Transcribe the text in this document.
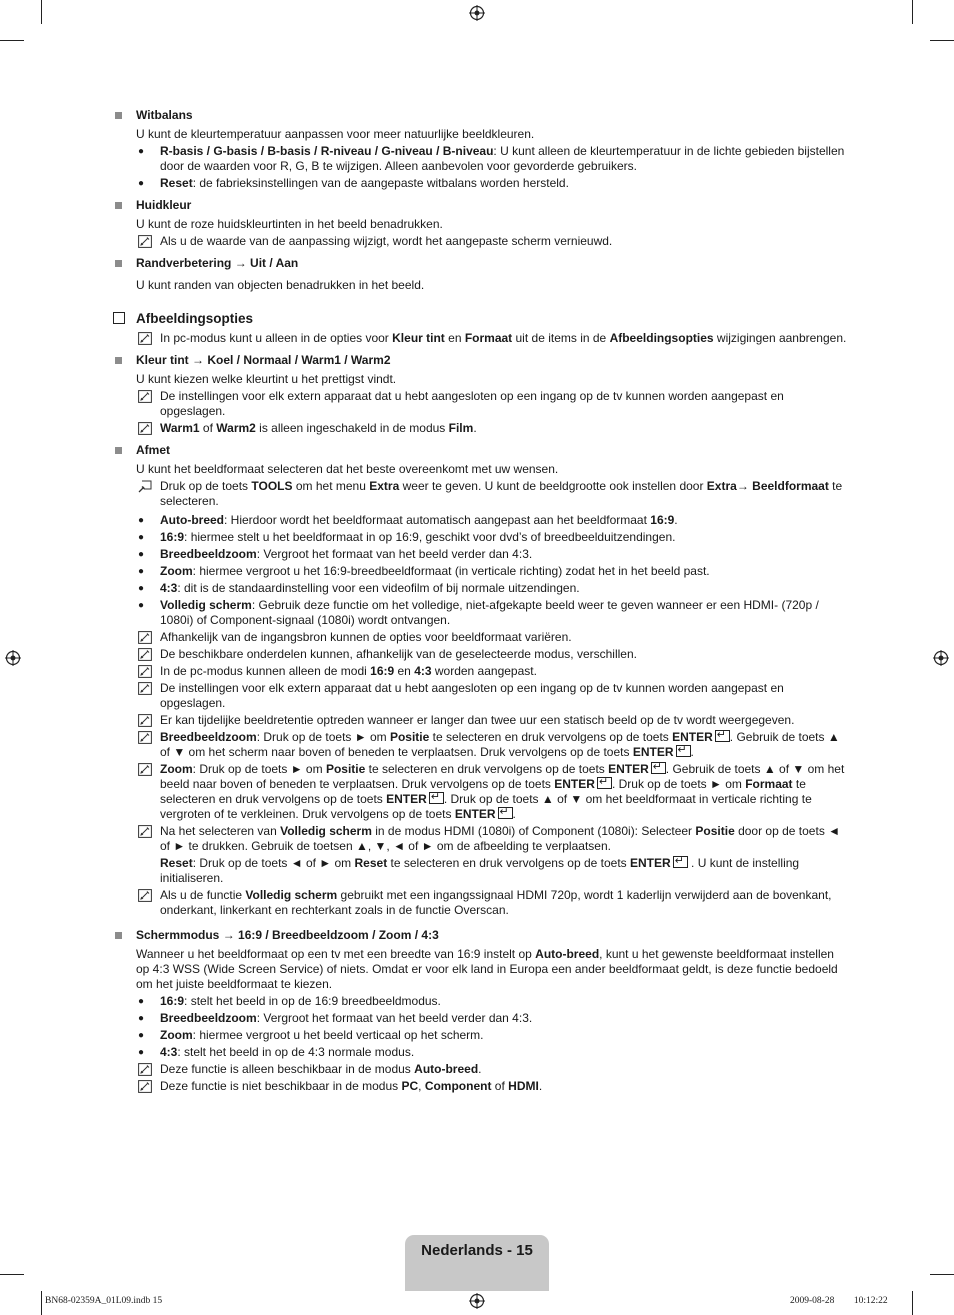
Witbalans
U kunt de kleurtemperatuur aanpassen voor meer natuurlijke beeldkleuren.
● R-basis / G-basis / B-basis / R-niveau / G-niveau / B-niveau: U kunt alleen de kleurtemperatuur in de lichte gebieden bijstellen door de waarden voor R, G, B te wijzigen. Alleen aanbevolen voor gevorderde gebruikers.
● Reset: de fabrieksinstellingen van de aangepaste witbalans worden hersteld.
Huidkleur
U kunt de roze huidskleurtinten in het beeld benadrukken.
Als u de waarde van de aanpassing wijzigt, wordt het aangepaste scherm vernieuwd.
Randverbetering → Uit / Aan
U kunt randen van objecten benadrukken in het beeld.
Afbeeldingsopties
In pc-modus kunt u alleen in de opties voor Kleur tint en Formaat uit de items in de Afbeeldingsopties wijzigingen aanbrengen.
Kleur tint → Koel / Normaal / Warm1 / Warm2
U kunt kiezen welke kleurtint u het prettigst vindt.
De instellingen voor elk extern apparaat dat u hebt aangesloten op een ingang op de tv kunnen worden aangepast en opgeslagen.
Warm1 of Warm2 is alleen ingeschakeld in de modus Film.
Afmet
U kunt het beeldformaat selecteren dat het beste overeenkomt met uw wensen.
Druk op de toets TOOLS om het menu Extra weer te geven. U kunt de beeldgrootte ook instellen door Extra→ Beeldformaat te selecteren.
● Auto-breed: Hierdoor wordt het beeldformaat automatisch aangepast aan het beeldformaat 16:9.
● 16:9: hiermee stelt u het beeldformaat in op 16:9, geschikt voor dvd’s of breedbeelduitzendingen.
● Breedbeeldzoom: Vergroot het formaat van het beeld verder dan 4:3.
● Zoom: hiermee vergroot u het 16:9-breedbeeldformaat (in verticale richting) zodat het in het beeld past.
● 4:3: dit is de standaardinstelling voor een videofilm of bij normale uitzendingen.
● Volledig scherm: Gebruik deze functie om het volledige, niet-afgekapte beeld weer te geven wanneer er een HDMI- (720p / 1080i) of Component-signaal (1080i) wordt ontvangen.
Afhankelijk van de ingangsbron kunnen de opties voor beeldformaat variëren.
De beschikbare onderdelen kunnen, afhankelijk van de geselecteerde modus, verschillen.
In de pc-modus kunnen alleen de modi 16:9 en 4:3 worden aangepast.
De instellingen voor elk extern apparaat dat u hebt aangesloten op een ingang op de tv kunnen worden aangepast en opgeslagen.
Er kan tijdelijke beeldretentie optreden wanneer er langer dan twee uur een statisch beeld op de tv wordt weergegeven.
Breedbeeldzoom: Druk op de toets ► om Positie te selecteren en druk vervolgens op de toets ENTER ↵ . Gebruik de toets ▲ of ▼ om het scherm naar boven of beneden te verplaatsen. Druk vervolgens op de toets ENTER ↵ .
Zoom: Druk op de toets ► om Positie te selecteren en druk vervolgens op de toets ENTER ↵ . Gebruik de toets ▲ of ▼ om het beeld naar boven of beneden te verplaatsen. Druk vervolgens op de toets ENTER ↵ . Druk op de toets ► om Formaat te selecteren en druk vervolgens op de toets ENTER ↵ . Druk op de toets ▲ of ▼ om het beeldformaat in verticale richting te vergroten of te verkleinen. Druk vervolgens op de toets ENTER ↵ .
Na het selecteren van Volledig scherm in de modus HDMI (1080i) of Component (1080i): Selecteer Positie door op de toets ◄ of ► te drukken. Gebruik de toetsen ▲, ▼, ◄ of ► om de afbeelding te verplaatsen.
Reset: Druk op de toets ◄ of ► om Reset te selecteren en druk vervolgens op de toets ENTER↵ . U kunt de instelling initialiseren.
Als u de functie Volledig scherm gebruikt met een ingangssignaal HDMI 720p, wordt 1 kaderlijn verwijderd aan de bovenkant, onderkant, linkerkant en rechterkant zoals in de functie Overscan.
Schermmodus → 16:9 / Breedbeeldzoom / Zoom / 4:3
Wanneer u het beeldformaat op een tv met een breedte van 16:9 instelt op Auto-breed, kunt u het gewenste beeldformaat instellen op 4:3 WSS (Wide Screen Service) of niets. Omdat er voor elk land in Europa een ander beeldformaat geldt, is deze functie bedoeld om het juiste beeldformaat te kiezen.
● 16:9: stelt het beeld in op de 16:9 breedbeeldmodus.
● Breedbeeldzoom: Vergroot het formaat van het beeld verder dan 4:3.
● Zoom: hiermee vergroot u het beeld verticaal op het scherm.
● 4:3: stelt het beeld in op de 4:3 normale modus.
Deze functie is alleen beschikbaar in de modus Auto-breed.
Deze functie is niet beschikbaar in de modus PC, Component of HDMI.
Nederlands - 15
BN68-02359A_01L09.indb 15	2009-08-28 ￿￿ 10:12:22
